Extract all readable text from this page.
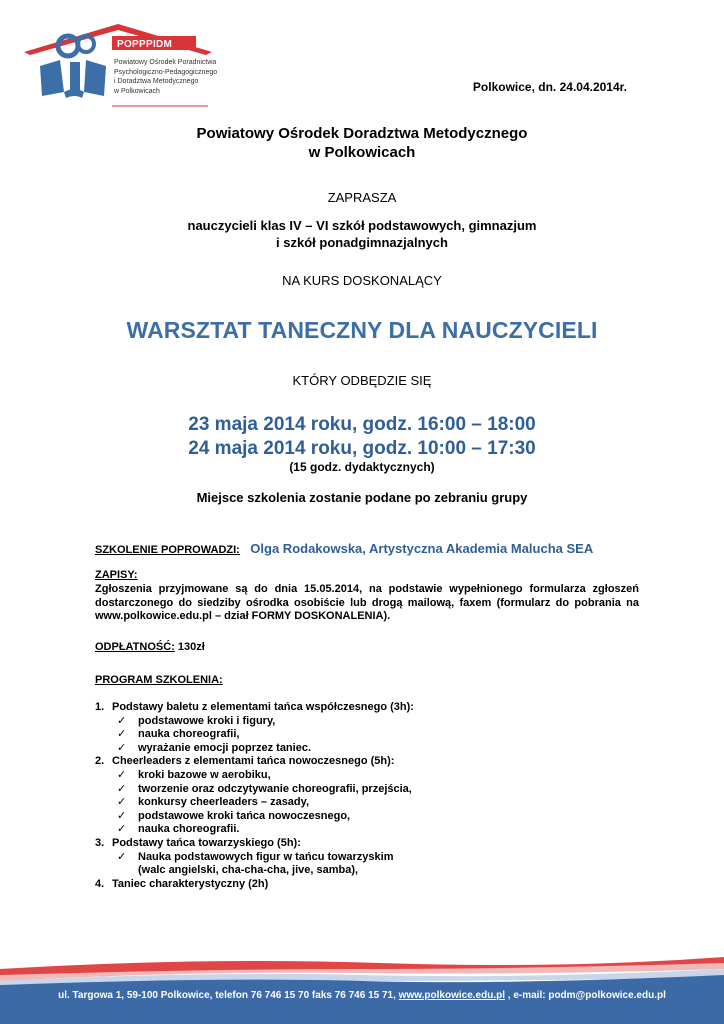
POPPPIDM
Powiatowy Ośrodek Poradnictwa
Psychologiczno-Pedagogicznego
i Doradztwa Metodycznego
w Polkowicach	Polkowice, dn. 24.04.2014r.
Powiatowy Ośrodek Doradztwa Metodycznego
w Polkowicach
ZAPRASZA
nauczycieli klas IV – VI szkół podstawowych, gimnazjum
i szkół ponadgimnazjalnych
NA KURS DOSKONALĄCY
WARSZTAT TANECZNY DLA NAUCZYCIELI
KTÓRY ODBĘDZIE SIĘ
23 maja 2014 roku, godz. 16:00 – 18:00
24 maja 2014 roku, godz. 10:00 – 17:30
(15 godz. dydaktycznych)
Miejsce szkolenia zostanie podane po zebraniu grupy
SZKOLENIE POPROWADZI: Olga Rodakowska, Artystyczna Akademia Malucha SEA
ZAPISY:
Zgłoszenia przyjmowane są do dnia 15.05.2014, na podstawie wypełnionego formularza zgłoszeń dostarczonego do siedziby ośrodka osobiście lub drogą mailową, faxem (formularz do pobrania na www.polkowice.edu.pl – dział FORMY DOSKONALENIA).
ODPŁATNOŚĆ: 130zł
PROGRAM SZKOLENIA:
1. Podstawy baletu z elementami tańca współczesnego (3h):
✓ podstawowe kroki i figury,
✓ nauka choreografii,
✓ wyrażanie emocji poprzez taniec.
2. Cheerleaders z elementami tańca nowoczesnego (5h):
✓ kroki bazowe w aerobiku,
✓ tworzenie oraz odczytywanie choreografii, przejścia,
✓ konkursy cheerleaders – zasady,
✓ podstawowe kroki tańca nowoczesnego,
✓ nauka choreografii.
3. Podstawy tańca towarzyskiego (5h):
✓ Nauka podstawowych figur w tańcu towarzyskim
(walc angielski, cha-cha-cha, jive, samba),
4. Taniec charakterystyczny (2h)
ul. Targowa 1, 59-100 Polkowice, telefon 76 746 15 70 faks 76 746 15 71, www.polkowice.edu.pl , e-mail: podm@polkowice.edu.pl
